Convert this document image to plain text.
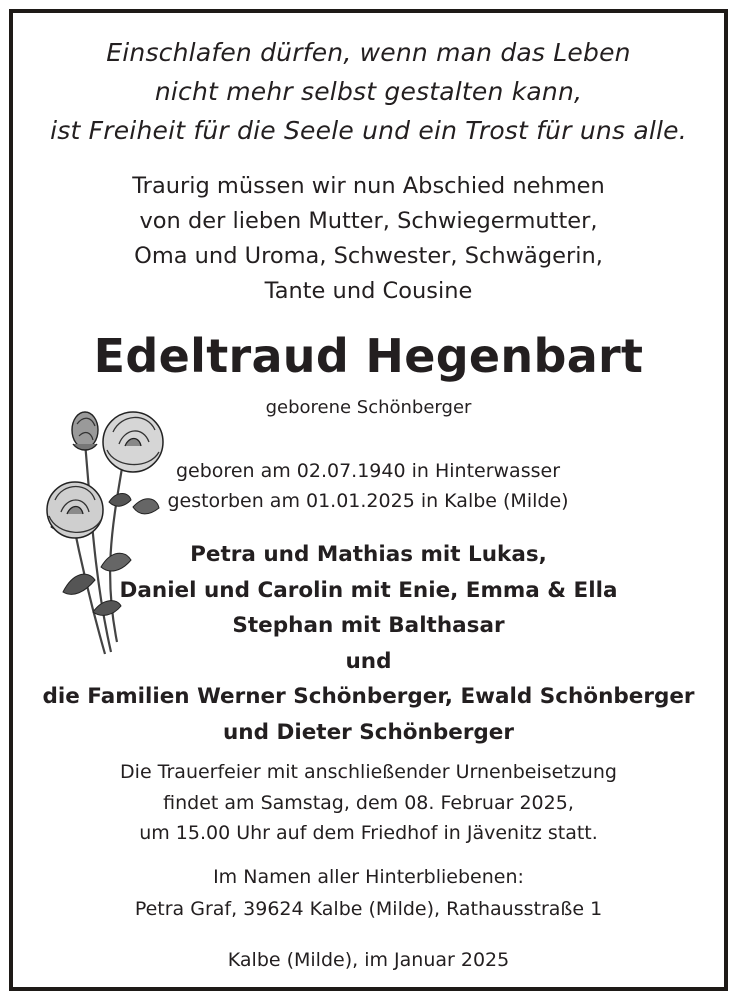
Einschlafen dürfen, wenn man das Leben
nicht mehr selbst gestalten kann,
ist Freiheit für die Seele und ein Trost für uns alle.
Traurig müssen wir nun Abschied nehmen
von der lieben Mutter, Schwiegermutter,
Oma und Uroma, Schwester, Schwägerin,
Tante und Cousine
Edeltraud Hegenbart
geborene Schönberger
geboren am 02.07.1940 in Hinterwasser
gestorben am 01.01.2025 in Kalbe (Milde)
Petra und Mathias mit Lukas,
Daniel und Carolin mit Enie, Emma & Ella
Stephan mit Balthasar
und
die Familien Werner Schönberger, Ewald Schönberger
und Dieter Schönberger
Die Trauerfeier mit anschließender Urnenbeisetzung
findet am Samstag, dem 08. Februar 2025,
um 15.00 Uhr auf dem Friedhof in Jävenitz statt.
Im Namen aller Hinterbliebenen:
Petra Graf, 39624 Kalbe (Milde), Rathausstraße 1
Kalbe (Milde), im Januar 2025
